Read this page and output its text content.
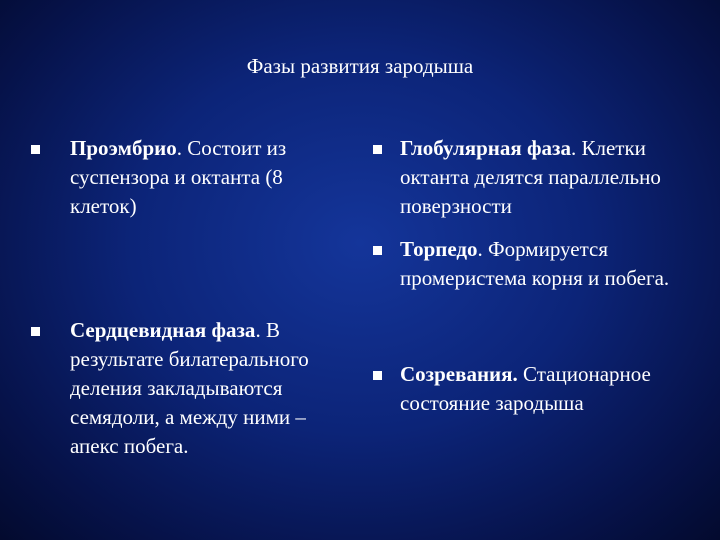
Фазы развития зародыша
Проэмбрио. Состоит из суспензора и октанта (8 клеток)
Сердцевидная фаза. В результате билатерального деления закладываются семядоли, а между ними – апекс побега.
Глобулярная фаза. Клетки октанта делятся параллельно поверзности
Торпедо. Формируется промеристема корня и побега.
Созревания. Стационарное состояние зародыша
